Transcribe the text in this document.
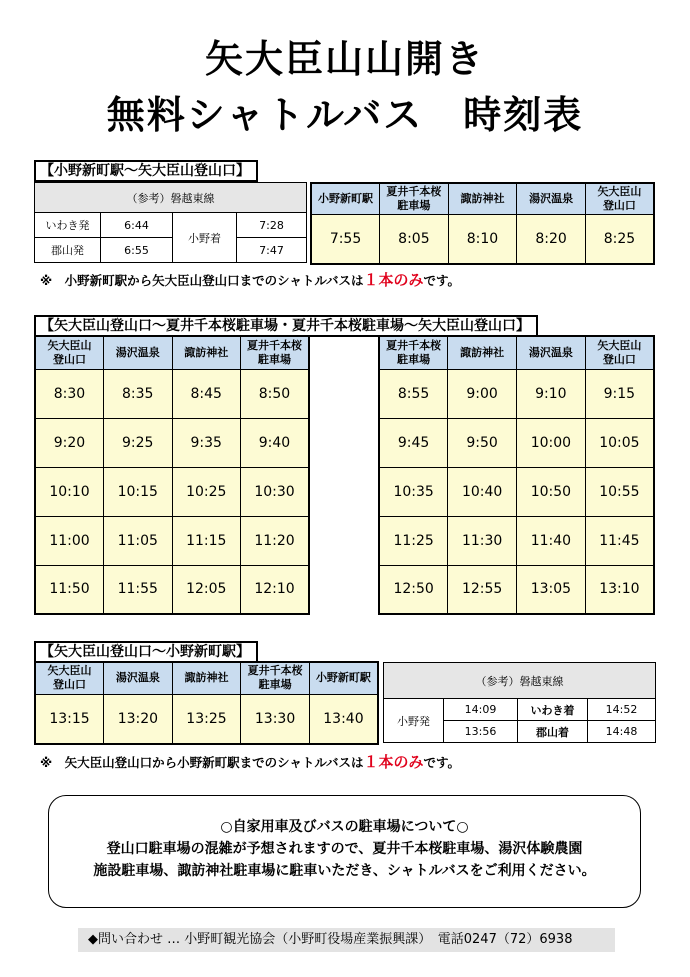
矢大臣山山開き
無料シャトルバス　時刻表
【小野新町駅～矢大臣山登山口】
（参考）磐越東線			
いわき発	6:44	小野着	7:28
郡山発	6:55		7:47
小野新町駅	夏井千本桜
駐車場	諏訪神社	湯沢温泉	矢大臣山
登山口
7:55	8:05	8:10	8:20	8:25
※　小野新町駅から矢大臣山登山口までのシャトルバスは１本のみです。
【矢大臣山登山口～夏井千本桜駐車場・夏井千本桜駐車場～矢大臣山登山口】
矢大臣山
登山口	湯沢温泉	諏訪神社	夏井千本桜
駐車場
8:30	8:35	8:45	8:50
9:20	9:25	9:35	9:40
10:10	10:15	10:25	10:30
11:00	11:05	11:15	11:20
11:50	11:55	12:05	12:10
夏井千本桜
駐車場	諏訪神社	湯沢温泉	矢大臣山
登山口
8:55	9:00	9:10	9:15
9:45	9:50	10:00	10:05
10:35	10:40	10:50	10:55
11:25	11:30	11:40	11:45
12:50	12:55	13:05	13:10
【矢大臣山登山口～小野新町駅】
矢大臣山
登山口	湯沢温泉	諏訪神社	夏井千本桜
駐車場	小野新町駅
13:15	13:20	13:25	13:30	13:40
（参考）磐越東線			
小野発	14:09	いわき着	14:52
	13:56	郡山着	14:48
※　矢大臣山登山口から小野新町駅までのシャトルバスは１本のみです。
○自家用車及びバスの駐車場について○
登山口駐車場の混雑が予想されますので、夏井千本桜駐車場、湯沢体験農園
施設駐車場、諏訪神社駐車場に駐車いただき、シャトルバスをご利用ください。
◆問い合わせ … 小野町観光協会（小野町役場産業振興課）　電話0247（72）6938
